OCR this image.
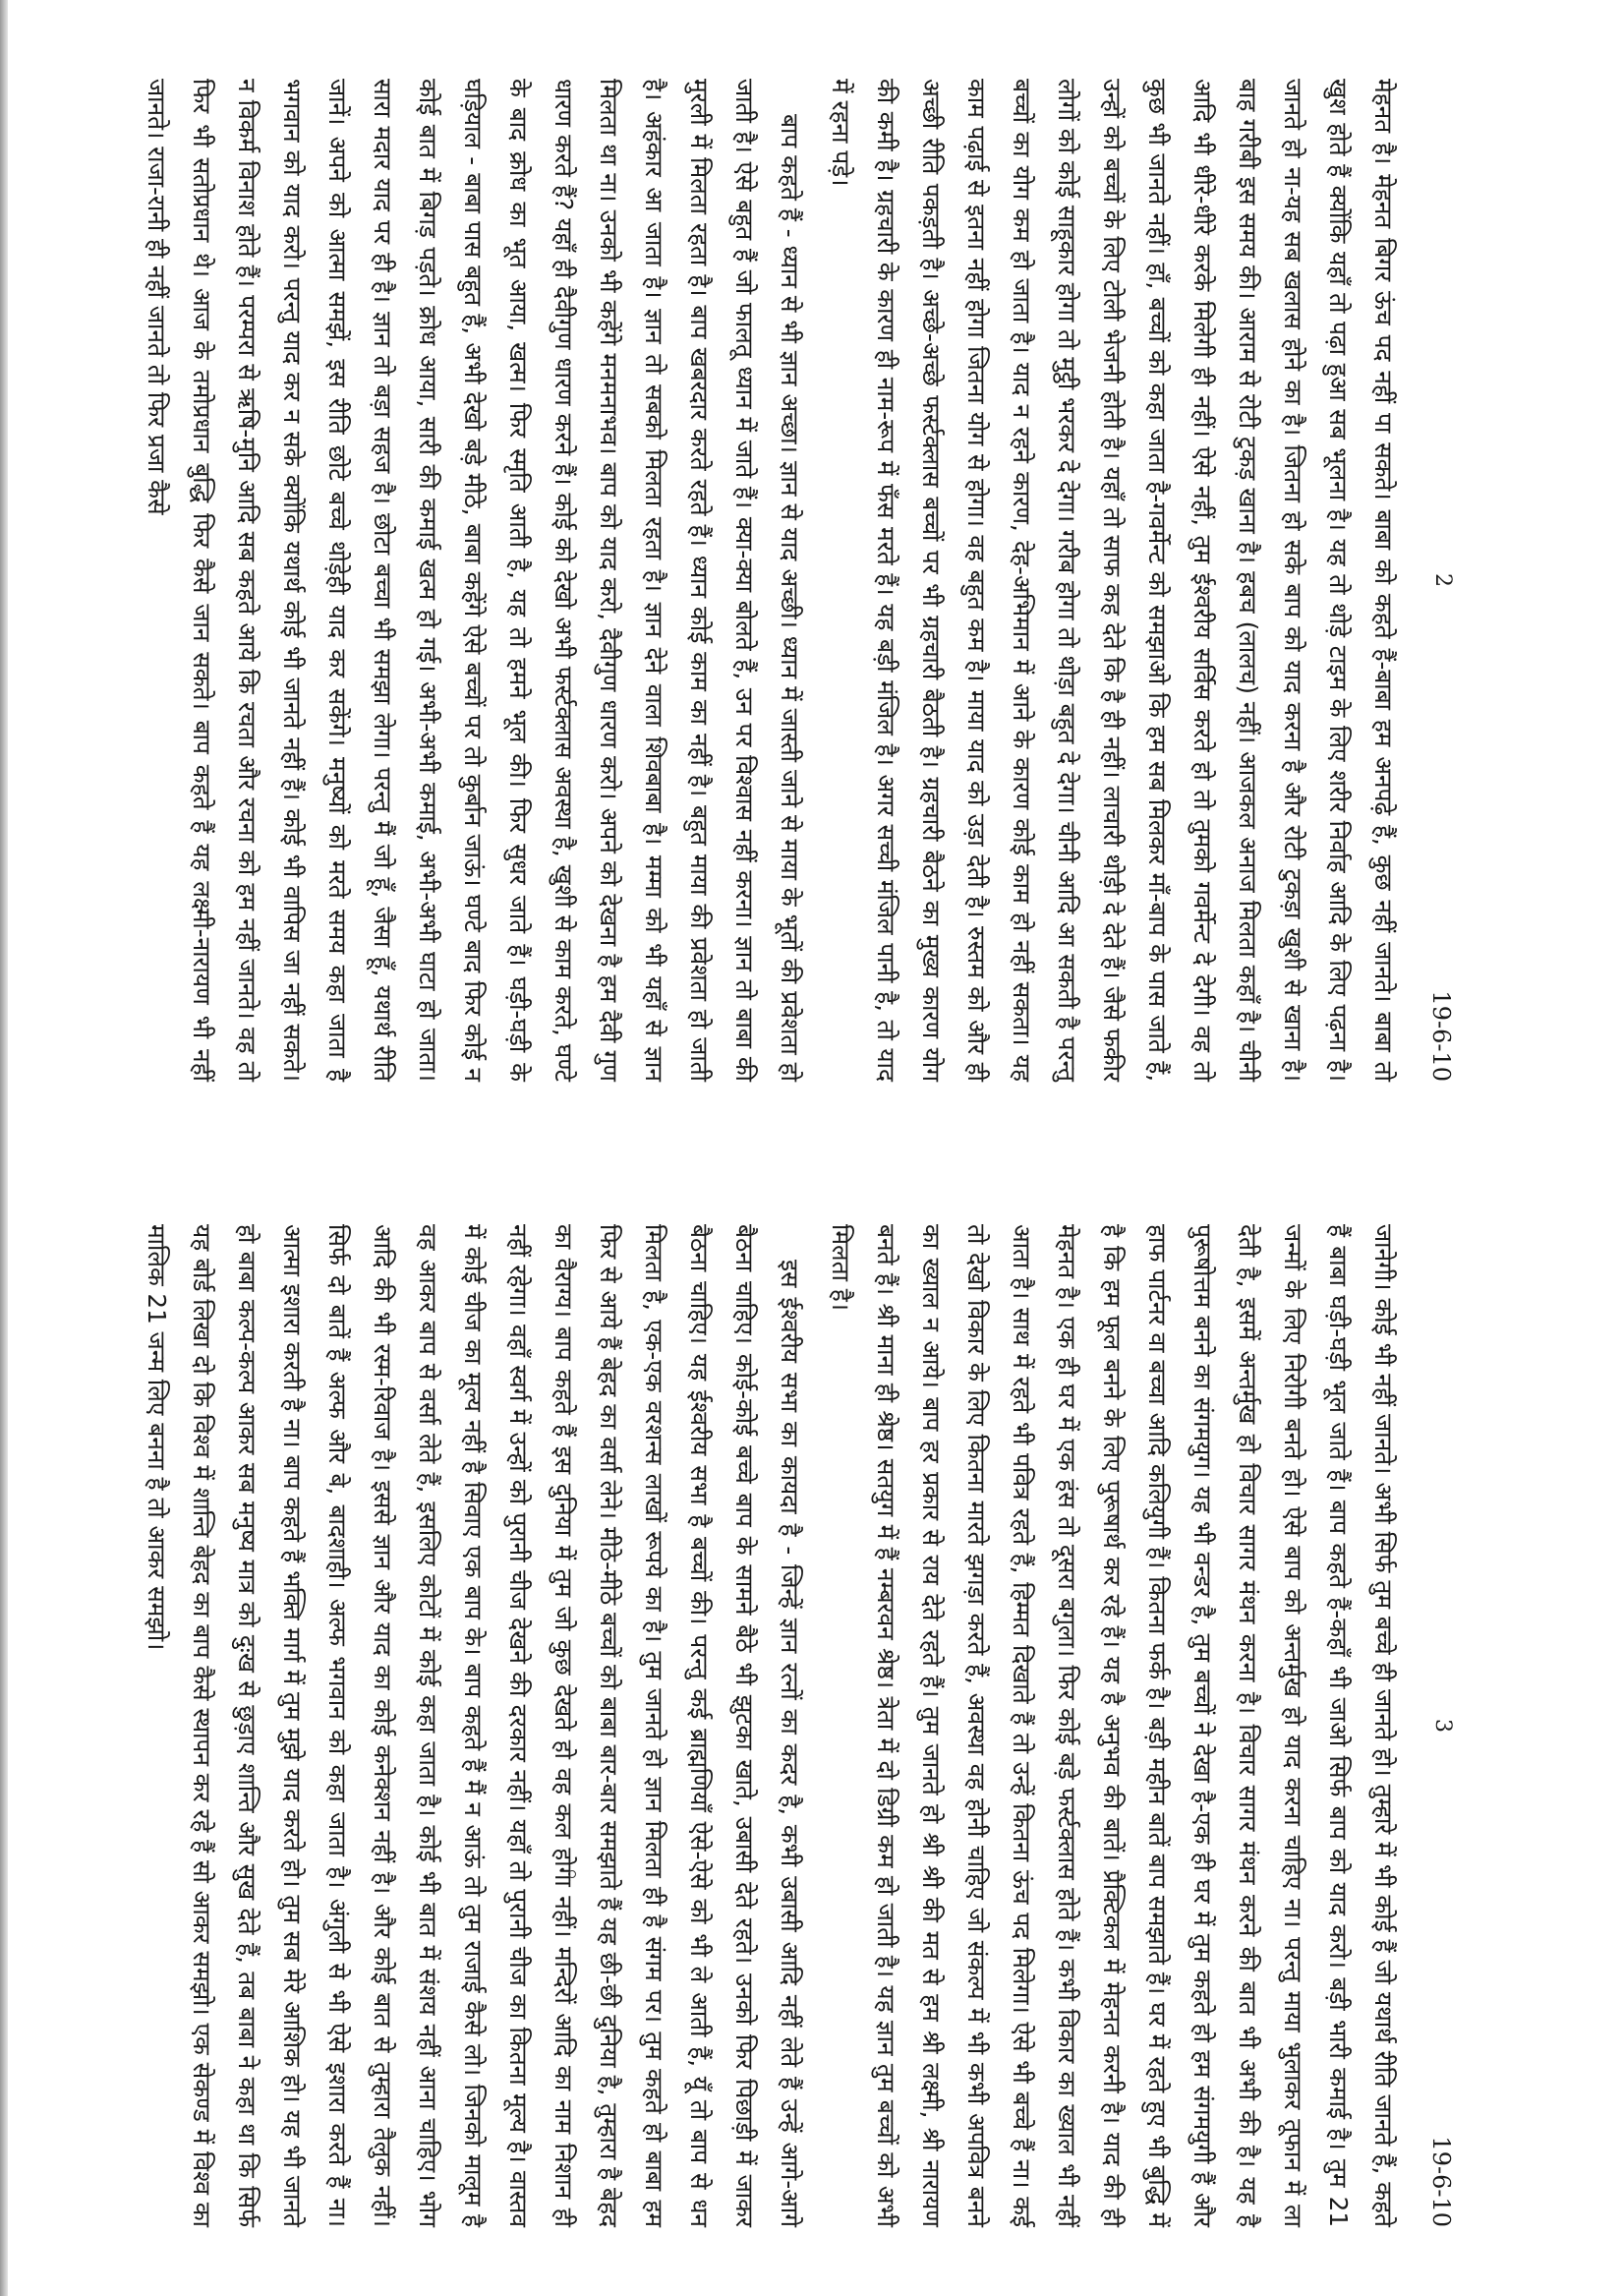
2
19-6-10

मेहनत है। मेहनत बिगर ऊंच पद नहीं पा सकते। बाबा को कहते हैं-बाबा हम अनपढ़े हैं, कुछ नहीं जानते। बाबा तो खुश होते हैं क्योंकि यहाँ तो पढ़ा हुआ सब भूलना है। यह तो थोड़े टाइम के लिए शरीर निर्वाह आदि के लिए पढ़ना है। जानते हो ना-यह सब खलास होने का है। जितना हो सके बाप को याद करना है और रोटी टुकड़ा खुशी से खाना है। बाह गरीबी इस समय की। आराम से रोटी टुकड़ खाना है। हबच (लालच) नहीं। आजकल अनाज मिलता कहाँ है। चीनी आदि भी धीरे-धीरे करके मिलेगी ही नहीं। ऐसे नहीं, तुम ईश्वरीय सर्विस करते हो तो तुमको गवर्मेन्ट दे देगी। वह तो कुछ भी जानते नहीं। हाँ, बच्चों को कहा जाता है-गवर्मेन्ट को समझाओ कि हम सब मिलकर माँ-बाप के पास जाते हैं, उन्हों को बच्चों के लिए टोली भेजनी होती है। यहाँ तो साफ कह देते कि है ही नहीं। लाचारी थोड़ी दे देते हैं। जैसे फकीर लोगों को कोई साहूकार होगा तो मुट्ठी भरकर दे देगा। गरीब होगा तो थोड़ा बहुत दे देगा। चीनी आदि आ सकती है परन्तु बच्चों का योग कम हो जाता है। याद न रहने कारण, देह-अभिमान में आने के कारण कोई काम हो नहीं सकता। यह काम पढ़ाई से इतना नहीं होगा जितना योग से होगा। वह बहुत कम है। माया याद को उड़ा देती है। रुस्तम को और ही अच्छी रीति पकड़ती है। अच्छे-अच्छे फर्स्टक्लास बच्चों पर भी ग्रहचारी बैठती है। ग्रहचारी बैठने का मुख्य कारण योग की कमी है। ग्रहचारी के कारण ही नाम-रूप में फँस मरते हैं। यह बड़ी मंजिल है। अगर सच्ची मंजिल पानी है, तो याद में रहना पड़े।

बाप कहते हैं - ध्यान से भी ज्ञान अच्छा। ज्ञान से याद अच्छी। ध्यान में जास्ती जाने से माया के भूतों की प्रवेशता हो जाती है। ऐसे बहुत हैं जो फालतू ध्यान में जाते हैं। क्या-क्या बोलते हैं, उन पर विश्वास नहीं करना। ज्ञान तो बाबा की मुरली में मिलता रहता है। बाप खबरदार करते रहते हैं। ध्यान कोई काम का नहीं है। बहुत माया की प्रवेशता हो जाती है। अहंकार आ जाता है। ज्ञान तो सबको मिलता रहता है। ज्ञान देने वाला शिवबाबा है। मम्मा को भी यहाँ से ज्ञान मिलता था ना। उनको भी कहेंगे मनमनाभव। बाप को याद करो, दैवीगुण धारण करो। अपने को देखना है हम दैवी गुण धारण करते हैं? यहाँ ही दैवीगुण धारण करने हैं। कोई को देखो अभी फर्स्टक्लास अवस्था है, खुशी से काम करते, घण्टे के बाद क्रोध का भूत आया, खत्म। फिर स्मृति आती है, यह तो हमने भूल की। फिर सुधर जाते हैं। घड़ी-घड़ी के घड़ियाल - बाबा पास बहुत हैं, अभी देखो बड़े मीठे, बाबा कहेंगे ऐसे बच्चों पर तो कुर्बान जाऊं। घण्टे बाद फिर कोई न कोई बात में बिगड़ पड़ते। क्रोध आया, सारी की कमाई खत्म हो गई। अभी-अभी कमाई, अभी-अभी घाटा हो जाता। सारा मदार याद पर ही है। ज्ञान तो बड़ा सहज है। छोटा बच्चा भी समझा लेगा। परन्तु मैं जो हूँ, जैसा हूँ, यथार्थ रीति जानें। अपने को आत्मा समझें, इस रीति छोटे बच्चे थोड़ेही याद कर सकेंगे। मनुष्यों को मरते समय कहा जाता है भगवान को याद करो। परन्तु याद कर न सके क्योंकि यथार्थ कोई भी जानते नहीं हैं। कोई भी वापिस जा नहीं सकते। न विकर्म विनाश होते हैं। परम्परा से ऋषि-मुनि आदि सब कहते आये कि रचता और रचना को हम नहीं जानते। वह तो फिर भी सतोप्रधान थे। आज के तमोप्रधान बुद्धि फिर कैसे जान सकते। बाप कहते हैं यह लक्ष्मी-नारायण भी नहीं जानते। राजा-रानी ही नहीं जानते तो फिर प्रजा कैसे

3
19-6-10

जानेगी। कोई भी नहीं जानते। अभी सिर्फ तुम बच्चे ही जानते हो। तुम्हारे में भी कोई हैं जो यथार्थ रीति जानते हैं, कहते हैं बाबा घड़ी-घड़ी भूल जाते हैं। बाप कहते हैं-कहाँ भी जाओ सिर्फ बाप को याद करो। बड़ी भारी कमाई है। तुम 21 जन्मों के लिए निरोगी बनते हो। ऐसे बाप को अन्तर्मुख हो याद करना चाहिए ना। परन्तु माया भुलाकर तूफान में ला देती है, इसमें अन्तर्मुख हो विचार सागर मंथन करना है। विचार सागर मंथन करने की बात भी अभी की है। यह है पुरूषोत्तम बनने का संगमयुग। यह भी वन्डर है, तुम बच्चों ने देखा है-एक ही घर में तुम कहते हो हम संगमयुगी हैं और हाफ पार्टनर वा बच्चा आदि कलियुगी हैं। कितना फर्क है। बड़ी महीन बातें बाप समझाते हैं। घर में रहते हुए भी बुद्धि में है कि हम फूल बनने के लिए पुरूषार्थ कर रहे हैं। यह है अनुभव की बातें। प्रैक्टिकल में मेहनत करनी है। याद की ही मेहनत है। एक ही घर में एक हंस तो दूसरा बगुला। फिर कोई बड़े फर्स्टक्लास होते हैं। कभी विकार का ख्याल भी नहीं आता है। साथ में रहते भी पवित्र रहते हैं, हिम्मत दिखाते हैं तो उन्हें कितना ऊंच पद मिलेगा। ऐसे भी बच्चे हैं ना। कई तो देखो विकार के लिए कितना मारते झगड़ा करते हैं, अवस्था वह होनी चाहिए जो संकल्प में भी कभी अपवित्र बनने का ख्याल न आये। बाप हर प्रकार से राय देते रहते हैं। तुम जानते हो श्री श्री की मत से हम श्री लक्ष्मी, श्री नारायण बनते हैं। श्री माना ही श्रेष्ठ। सतयुग में हैं नम्बरवन श्रेष्ठ। त्रेता में दो डिग्री कम हो जाती है। यह ज्ञान तुम बच्चों को अभी मिलता है।

इस ईश्वरीय सभा का कायदा है - जिन्हें ज्ञान रत्नों का कदर है, कभी उबासी आदि नहीं लेते हैं उन्हें आगे-आगे बैठना चाहिए। कोई-कोई बच्चे बाप के सामने बैठे भी झुटका खाते, उबासी देते रहते। उनको फिर पिछाड़ी में जाकर बैठना चाहिए। यह ईश्वरीय सभा है बच्चों की। परन्तु कई ब्राह्मणियाँ ऐसे-ऐसे को भी ले आती हैं, यूँ तो बाप से धन मिलता है, एक-एक वरशन्स लाखों रूपये का है। तुम जानते हो ज्ञान मिलता ही है संगम पर। तुम कहते हो बाबा हम फिर से आये हैं बेहद का वर्सा लेने। मीठे-मीठे बच्चों को बाबा बार-बार समझाते हैं यह छी-छी दुनिया है, तुम्हारा है बेहद का वैराग्य। बाप कहते हैं इस दुनिया में तुम जो कुछ देखते हो वह कल होगा नहीं। मन्दिरों आदि का नाम निशान ही नहीं रहेगा। वहाँ स्वर्ग में उन्हों को पुरानी चीज देखने की दरकार नहीं। यहाँ तो पुरानी चीज का कितना मूल्य है। वास्तव में कोई चीज का मूल्य नहीं है सिवाए एक बाप के। बाप कहते हैं मैं न आऊं तो तुम राजाई कैसे लो। जिनको मालूम है वह आकर बाप से वर्सा लेते हैं, इसलिए कोटों में कोई कहा जाता है। कोई भी बात में संशय नहीं आना चाहिए। भोग आदि की भी रस्म-रिवाज है। इससे ज्ञान और याद का कोई कनेक्शन नहीं है। और कोई बात से तुम्हारा तैलुक नहीं। सिर्फ दो बातें हैं अल्फ और बे, बादशाही। अल्फ भगवान को कहा जाता है। अंगुली से भी ऐसे इशारा करते हैं ना। आत्मा इशारा करती है ना। बाप कहते हैं भक्ति मार्ग में तुम मुझे याद करते हो। तुम सब मेरे आशिक हो। यह भी जानते हो बाबा कल्प-कल्प आकर सब मनुष्य मात्र को दुःख से छुड़ाए शान्ति और सुख देते हैं, तब बाबा ने कहा था कि सिर्फ यह बोर्ड लिखा दो कि विश्व में शान्ति बेहद का बाप कैसे स्थापन कर रहे हैं सो आकर समझो। एक सेकण्ड में विश्व का मालिक 21 जन्म लिए बनना है तो आकर समझो।
